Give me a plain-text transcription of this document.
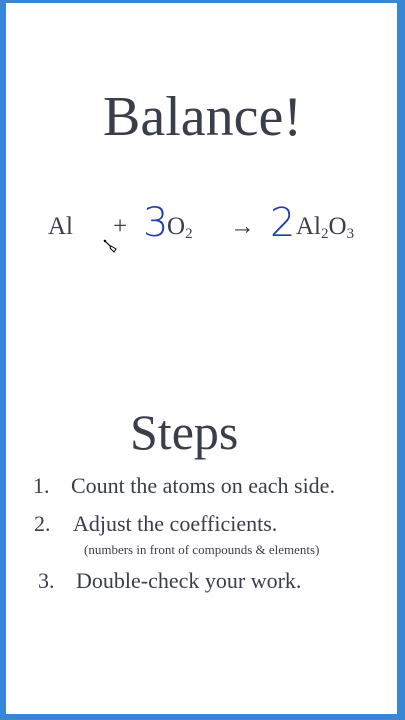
Balance!
Al + 3
$O_2 \to 2$ $Al_2O_3$
Steps
1. Count the atoms on each side.
2. Adjust the coefficients.
(numbers in front of compounds & elements)
3. Double-check your work.
